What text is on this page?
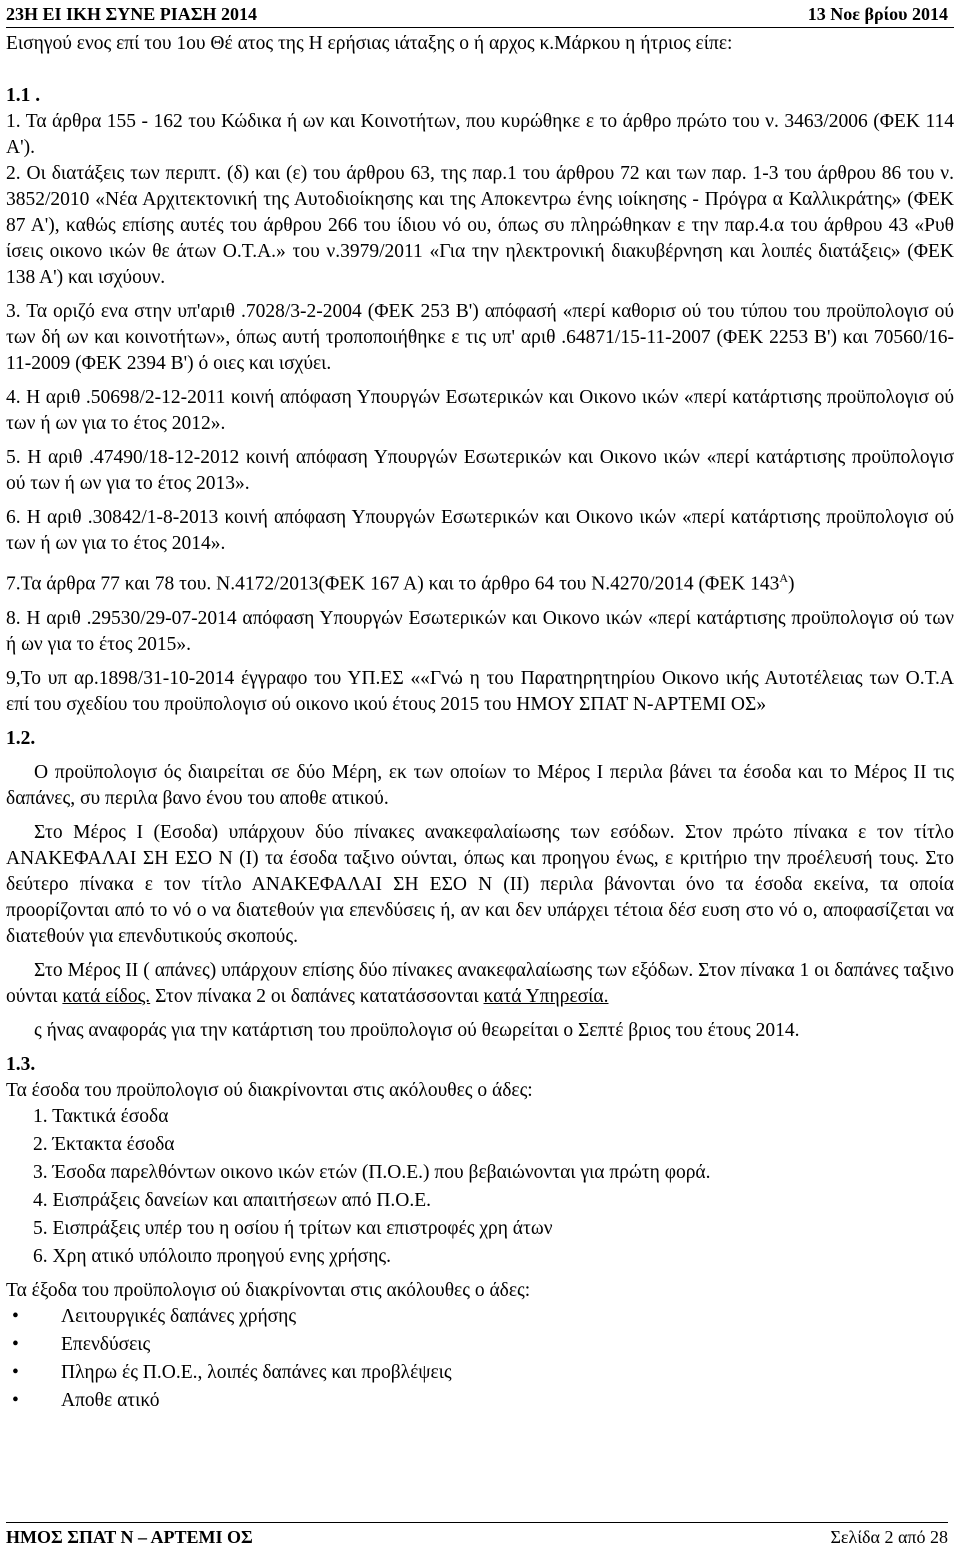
23Η ΕΙ ΙΚΗ ΣΥΝΕ ΡΙΑΣΗ 2014	13 Νοε βρίου 2014

Εισηγού ενος επί του 1ου Θέ ατος της Η ερήσιας ιάταξης ο ή αρχος κ.Μάρκου η ήτριος είπε:

1.1 .

1. Τα άρθρα 155 - 162 του Κώδικα ή ων και Κοινοτήτων, που κυρώθηκε ε το άρθρο πρώτο του ν. 3463/2006 (ΦΕΚ 114 Α').

2. Οι διατάξεις των περιπτ. (δ) και (ε) του άρθρου 63, της παρ.1 του άρθρου 72 και των παρ. 1-3 του άρθρου 86 του ν. 3852/2010 «Νέα Αρχιτεκτονική της Αυτοδιοίκησης και της Αποκεντρω ένης ιοίκησης - Πρόγρα α Καλλικράτης» (ΦΕΚ 87 Α'), καθώς επίσης αυτές του άρθρου 266 του ίδιου νό ου, όπως συ πληρώθηκαν ε την παρ.4.α του άρθρου 43 «Ρυθ ίσεις οικονο ικών θε άτων Ο.Τ.Α.» του ν.3979/2011 «Για την ηλεκτρονική διακυβέρνηση και λοιπές διατάξεις» (ΦΕΚ 138 Α') και ισχύουν.

3. Τα οριζό ενα στην υπ'αριθ .7028/3-2-2004 (ΦΕΚ 253 Β') απόφασή «περί καθορισ ού του τύπου του προϋπολογισ ού των δή ων και κοινοτήτων», όπως αυτή τροποποιήθηκε ε τις υπ' αριθ .64871/15-11-2007 (ΦΕΚ 2253 Β') και 70560/16-11-2009 (ΦΕΚ 2394 Β') ό οιες και ισχύει.

4. Η αριθ .50698/2-12-2011 κοινή απόφαση Υπουργών Εσωτερικών και Οικονο ικών «περί κατάρτισης προϋπολογισ ού των ή ων για το έτος 2012».

5. Η αριθ .47490/18-12-2012 κοινή απόφαση Υπουργών Εσωτερικών και Οικονο ικών «περί κατάρτισης προϋπολογισ ού των ή ων για το έτος 2013».

6. Η αριθ .30842/1-8-2013 κοινή απόφαση Υπουργών Εσωτερικών και Οικονο ικών «περί κατάρτισης προϋπολογισ ού των ή ων για το έτος 2014».

7.Τα άρθρα 77 και 78 του. Ν.4172/2013(ΦΕΚ 167 Α) και το άρθρο 64 του Ν.4270/2014 (ΦΕΚ $143^A$)

8. Η αριθ .29530/29-07-2014 απόφαση Υπουργών Εσωτερικών και Οικονο ικών «περί κατάρτισης προϋπολογισ ού των ή ων για το έτος 2015».

9,Το υπ αρ.1898/31-10-2014 έγγραφο του ΥΠ.ΕΣ ««Γνώ η του Παρατηρητηρίου Οικονο ικής Αυτοτέλειας των Ο.Τ.Α επί του σχεδίου του προϋπολογισ ού οικονο ικού έτους 2015 του ΗΜΟΥ ΣΠΑΤ Ν-ΑΡΤΕΜΙ ΟΣ»

1.2.

Ο προϋπολογισ ός διαιρείται σε δύο Μέρη, εκ των οποίων το Μέρος Ι περιλα βάνει τα έσοδα και το Μέρος ΙΙ τις δαπάνες, συ περιλα βανο ένου του αποθε ατικού.

Στο Μέρος Ι (Εσοδα) υπάρχουν δύο πίνακες ανακεφαλαίωσης των εσόδων. Στον πρώτο πίνακα ε τον τίτλο ΑΝΑΚΕΦΑΛΑΙ ΣΗ ΕΣΟ Ν (Ι) τα έσοδα ταξινο ούνται, όπως και προηγου ένως, ε κριτήριο την προέλευσή τους. Στο δεύτερο πίνακα ε τον τίτλο ΑΝΑΚΕΦΑΛΑΙ ΣΗ ΕΣΟ Ν (ΙΙ) περιλα βάνονται όνο τα έσοδα εκείνα, τα οποία προορίζονται από το νό ο να διατεθούν για επενδύσεις ή, αν και δεν υπάρχει τέτοια δέσ ευση στο νό ο, αποφασίζεται να διατεθούν για επενδυτικούς σκοπούς.

Στο Μέρος ΙΙ ( απάνες) υπάρχουν επίσης δύο πίνακες ανακεφαλαίωσης των εξόδων. Στον πίνακα 1 οι δαπάνες ταξινο ούνται κατά είδος. Στον πίνακα 2 οι δαπάνες κατατάσσονται κατά Υπηρεσία.

ς ήνας αναφοράς για την κατάρτιση του προϋπολογισ ού θεωρείται ο Σεπτέ βριος του έτους 2014.

1.3.

Τα έσοδα του προϋπολογισ ού διακρίνονται στις ακόλουθες ο άδες:

1. Τακτικά έσοδα
2. Έκτακτα έσοδα
3. Έσοδα παρελθόντων οικονο ικών ετών (Π.Ο.Ε.) που βεβαιώνονται για πρώτη φορά.
4. Εισπράξεις δανείων και απαιτήσεων από Π.Ο.Ε.
5. Εισπράξεις υπέρ του η οσίου ή τρίτων και επιστροφές χρη άτων
6. Χρη ατικό υπόλοιπο προηγού ενης χρήσης.

Τα έξοδα του προϋπολογισ ού διακρίνονται στις ακόλουθες ο άδες:

•	Λειτουργικές δαπάνες χρήσης
•	Επενδύσεις
•	Πληρω ές Π.Ο.Ε., λοιπές δαπάνες και προβλέψεις
•	Αποθε ατικό
ΗΜΟΣ ΣΠΑΤ Ν – ΑΡΤΕΜΙ ΟΣ	Σελίδα 2 από 28
